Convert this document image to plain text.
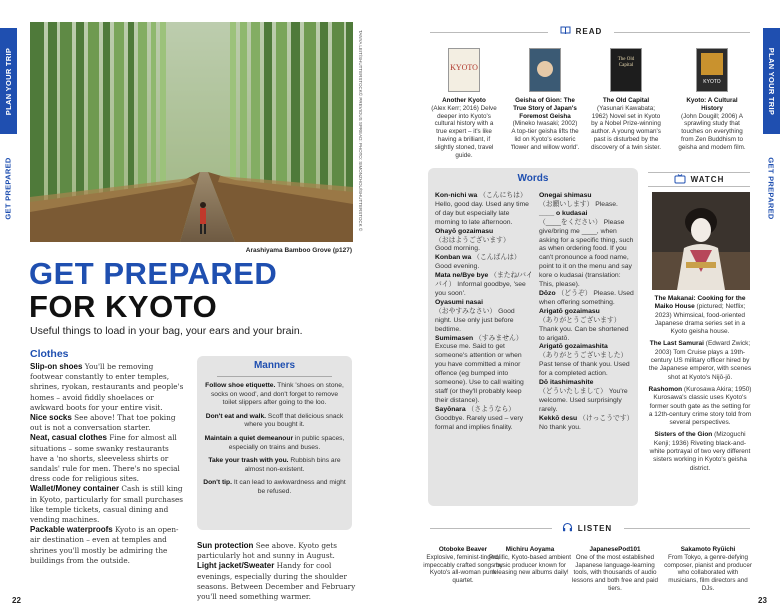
PLAN YOUR TRIP
GET PREPARED
PLAN YOUR TRIP
GET PREPARED
TANYA LEIT/SHUTTERSTOCK© PREVIOUS SPREAD: PHOTO: SIMONZHOU/SHUTTERSTOCK ©
Arashiyama Bamboo Grove (p127)
GET PREPARED
FOR KYOTO
Useful things to load in your bag, your ears and your brain.
Clothes

Slip-on shoes You'll be removing footwear constantly to enter temples, shrines, ryokan, restaurants and people's homes – avoid fiddly shoelaces or awkward boots for your entire visit.

Nice socks See above! That toe poking out is not a conversation starter.

Neat, casual clothes Fine for almost all situations – some swanky restaurants have a 'no shorts, sleeveless shirts or sandals' rule for men. There's no special dress code for religious sites.

Wallet/Money container Cash is still king in Kyoto, particularly for small purchases like temple tickets, casual dining and vending machines.

Packable waterproofs Kyoto is an open-air destination – even at temples and shrines you'll mostly be admiring the buildings from the outside.

Manners

Follow shoe etiquette. Think 'shoes on stone, socks on wood', and don't forget to remove toilet slippers after going to the loo.

Don't eat and walk. Scoff that delicious snack where you bought it.

Maintain a quiet demeanour in public spaces, especially on trains and buses.

Take your trash with you. Rubbish bins are almost non-existent.

Don't tip. It can lead to awkwardness and might be refused.

Sun protection See above. Kyoto gets particularly hot and sunny in August.

Light jacket/Sweater Handy for cool evenings, especially during the shoulder seasons. Between December and February you'll need something warmer.

22	23
READ
KYOTO
The Old Capital
KYOTO
Another Kyoto
(Alex Kerr; 2016) Delve deeper into Kyoto's cultural history with a true expert – it's like having a brilliant, if slightly stoned, travel guide.
Geisha of Gion: The True Story of Japan's Foremost Geisha
(Mineko Iwasaki; 2002) A top-tier geisha lifts the lid on Kyoto's esoteric 'flower and willow world'.
The Old Capital
(Yasunari Kawabata; 1962) Novel set in Kyoto by a Nobel Prize-winning author. A young woman's past is disturbed by the discovery of a twin sister.
Kyoto: A Cultural History
(John Dougill; 2006) A sprawling study that touches on everything from Zen Buddhism to geisha and modern film.
Words

Kon-nichi wa （こんにちは）
Hello, good day. Used any time of day but especially late morning to late afternoon.

Ohayō gozaimasu
（おはようございます）
Good morning.

Konban wa （こんばんは）
Good evening.

Mata ne/Bye bye （またね/バイバイ） Informal goodbye, 'see you soon'.

Oyasumi nasai
（おやすみなさい） Good night. Use only just before bedtime.

Sumimasen （すみません） Excuse me. Said to get someone's attention or when you have committed a minor offence (eg bumped into someone). Use to call waiting staff (or they'll probably keep their distance).

Sayōnara （さようなら） Goodbye. Rarely used – very formal and implies finality.

Onegai shimasu
（お願いします） Please.

____ o kudasai
（____をください） Please give/bring me ____, when asking for a specific thing, such as when ordering food. If you can't pronounce a food name, point to it on the menu and say kore o kudasai (translation: This, please).

Dōzo （どうぞ） Please. Used when offering something.

Arigatō gozaimasu
（ありがとうございます） Thank you. Can be shortened to arigatō.

Arigatō gozaimashita
（ありがとうございました） Past tense of thank you. Used for a completed action.

Dō itashimashite
（どういたしまして） You're welcome. Used surprisingly rarely.

Kekkō desu （けっこうです） No thank you.

WATCH

The Makanai: Cooking for the Maiko House (pictured; Netflix; 2023) Whimsical, food-oriented Japanese drama series set in a Kyoto geisha house.

The Last Samurai (Edward Zwick; 2003) Tom Cruise plays a 19th-century US military officer hired by the Japanese emperor, with scenes shot at Kyoto's Nijō-jō.

Rashomon (Kurosawa Akira; 1950) Kurosawa's classic uses Kyoto's former south gate as the setting for a 12th-century crime story told from several perspectives.

Sisters of the Gion (Mizoguchi Kenji; 1936) Riveting black-and-white portrayal of two very different sisters working in Kyoto's geisha district.

LISTEN
Otoboke Beaver
Explosive, feminist-tinged, impeccably crafted songs by Kyoto's all-woman punk quartet.
Michiru Aoyama
Prolific, Kyoto-based ambient music producer known for releasing new albums daily!
JapanesePod101
One of the most established Japanese language-learning tools, with thousands of audio lessons and both free and paid tiers.
Sakamoto Ryūichi
From Tokyo, a genre-defying composer, pianist and producer who collaborated with musicians, film directors and DJs.
